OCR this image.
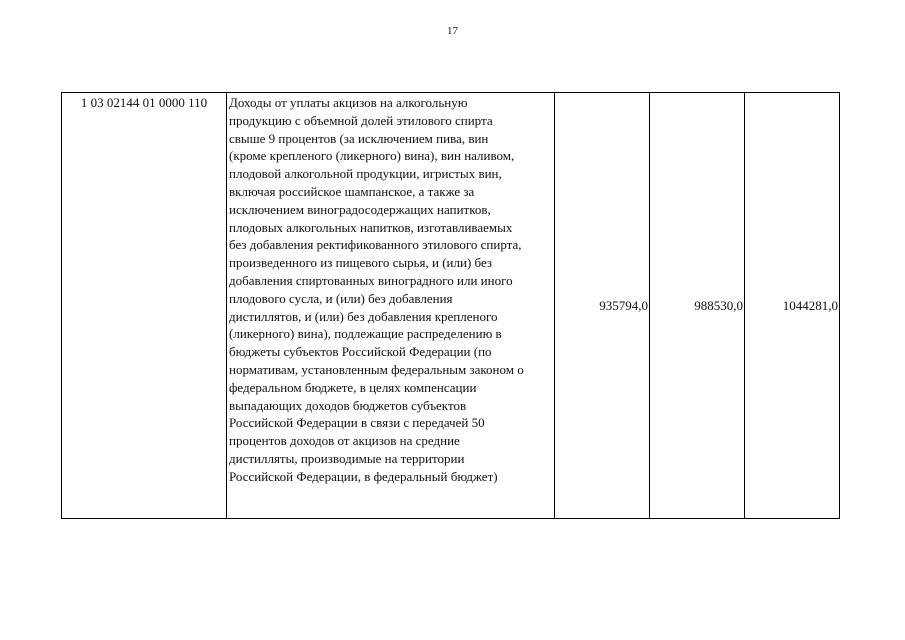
17
1 03 02144 01 0000 110	Доходы от уплаты акцизов на алкогольную
продукцию с объемной долей этилового спирта
свыше 9 процентов (за исключением пива, вин
(кроме крепленого (ликерного) вина), вин наливом,
плодовой алкогольной продукции, игристых вин,
включая российское шампанское, а также за
исключением виноградосодержащих напитков,
плодовых алкогольных напитков, изготавливаемых
без добавления ректификованного этилового спирта,
произведенного из пищевого сырья, и (или) без
добавления спиртованных виноградного или иного
плодового сусла, и (или) без добавления
дистиллятов, и (или) без добавления крепленого
(ликерного) вина), подлежащие распределению в
бюджеты субъектов Российской Федерации (по
нормативам, установленным федеральным законом о
федеральном бюджете, в целях компенсации
выпадающих доходов бюджетов субъектов
Российской Федерации в связи с передачей 50
процентов доходов от акцизов на средние
дистилляты, производимые на территории
Российской Федерации, в федеральный бюджет)
	935794,0	988530,0	1044281,0
